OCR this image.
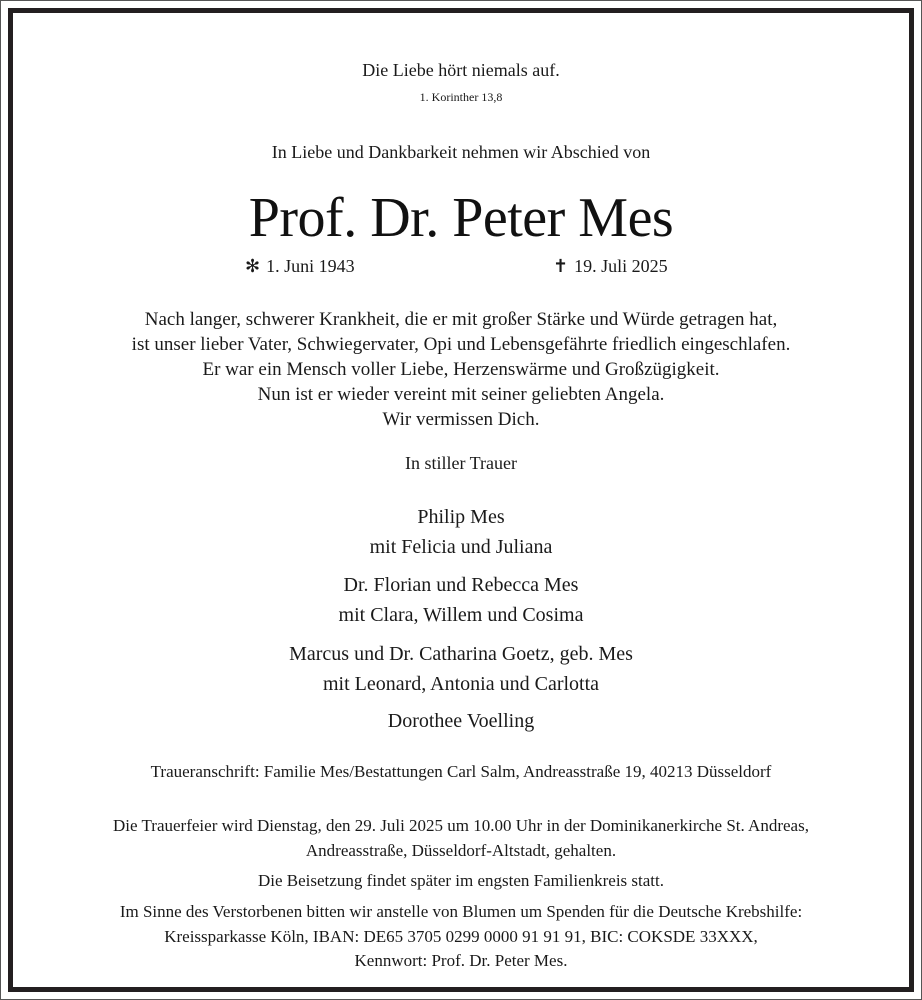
Die Liebe hört niemals auf.
1. Korinther 13,8
In Liebe und Dankbarkeit nehmen wir Abschied von
Prof. Dr. Peter Mes
✻ 1. Juni 1943	✝ 19. Juli 2025
Nach langer, schwerer Krankheit, die er mit großer Stärke und Würde getragen hat,
ist unser lieber Vater, Schwiegervater, Opi und Lebensgefährte friedlich eingeschlafen.
Er war ein Mensch voller Liebe, Herzenswärme und Großzügigkeit.
Nun ist er wieder vereint mit seiner geliebten Angela.
Wir vermissen Dich.
In stiller Trauer
Philip Mes
mit Felicia und Juliana
Dr. Florian und Rebecca Mes
mit Clara, Willem und Cosima
Marcus und Dr. Catharina Goetz, geb. Mes
mit Leonard, Antonia und Carlotta
Dorothee Voelling
Traueranschrift: Familie Mes/Bestattungen Carl Salm, Andreasstraße 19, 40213 Düsseldorf
Die Trauerfeier wird Dienstag, den 29. Juli 2025 um 10.00 Uhr in der Dominikanerkirche St. Andreas,
Andreasstraße, Düsseldorf-Altstadt, gehalten.
Die Beisetzung findet später im engsten Familienkreis statt.
Im Sinne des Verstorbenen bitten wir anstelle von Blumen um Spenden für die Deutsche Krebshilfe:
Kreissparkasse Köln, IBAN: DE65 3705 0299 0000 91 91 91, BIC: COKSDE 33XXX,
Kennwort: Prof. Dr. Peter Mes.
